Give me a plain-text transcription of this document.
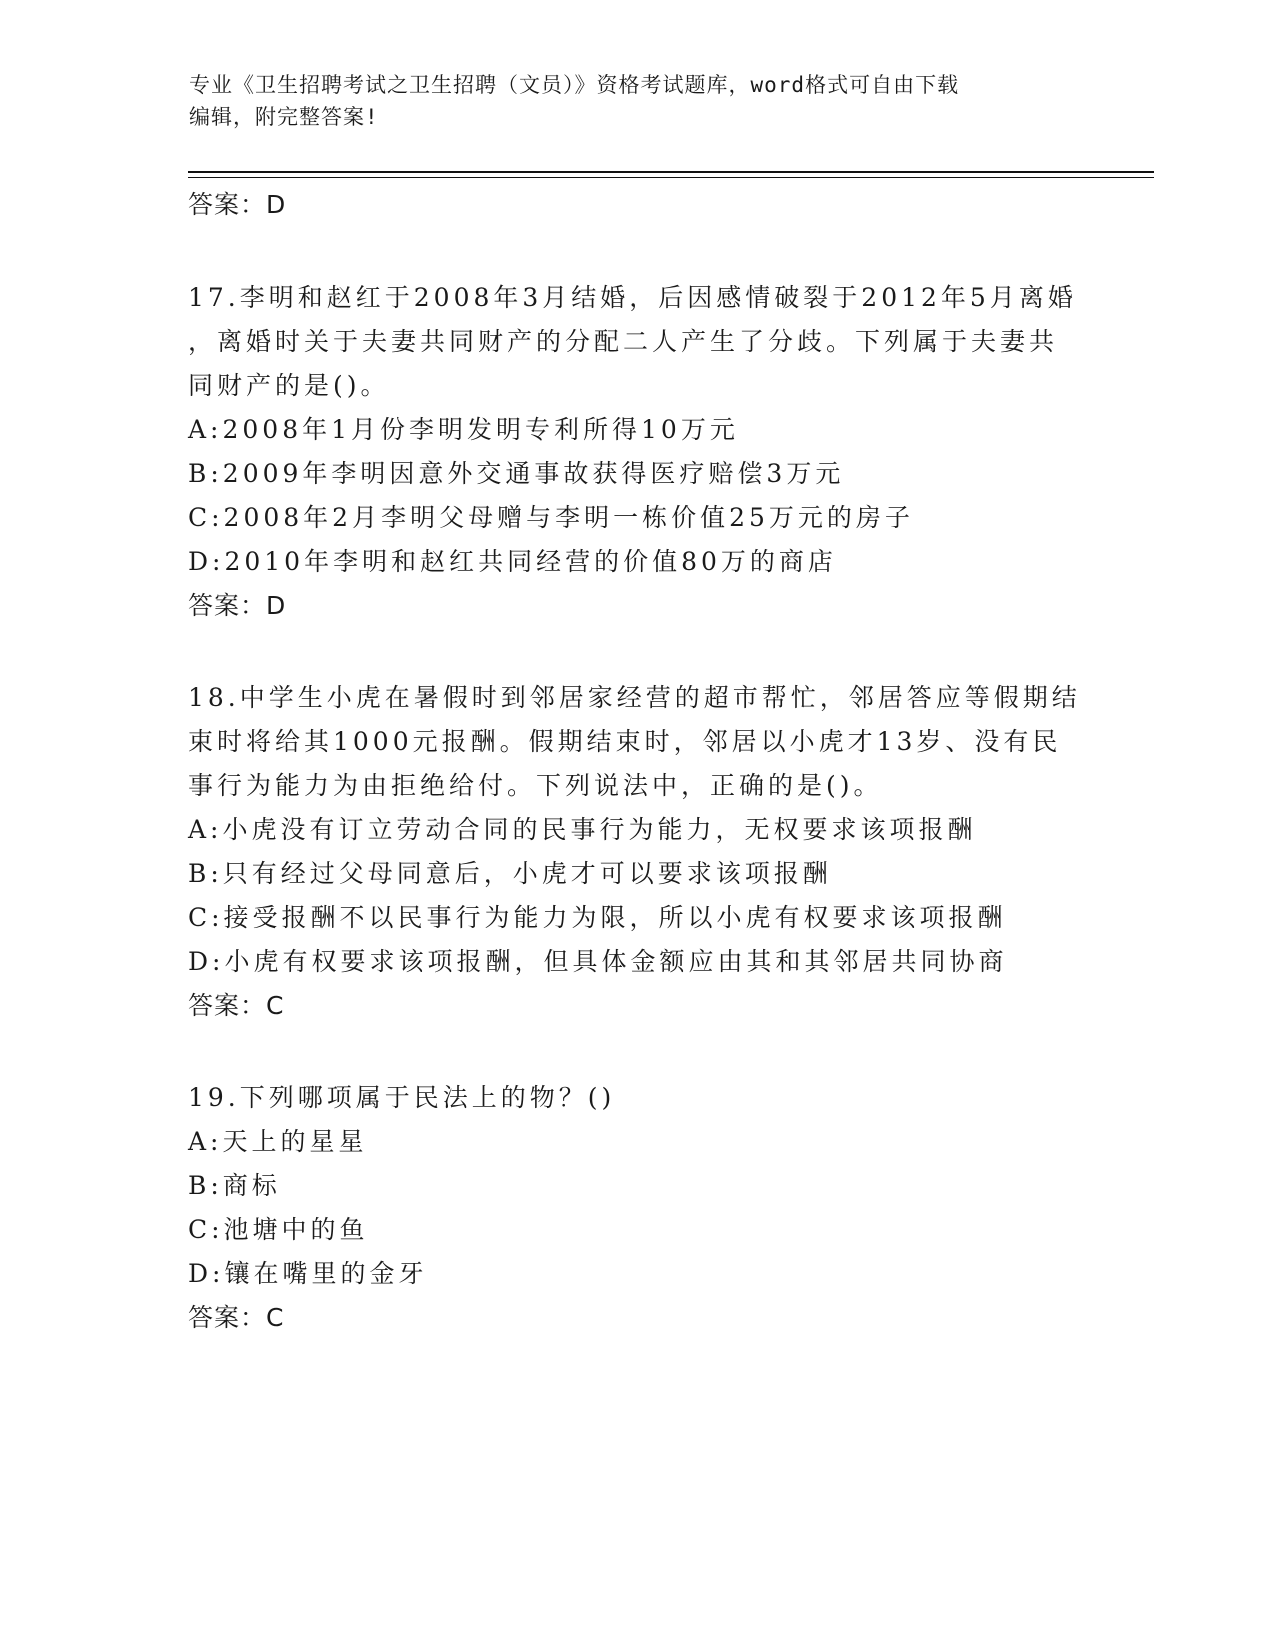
专业《卫生招聘考试之卫生招聘（文员）》资格考试题库，word格式可自由下载
编辑，附完整答案!
答案：D
17.李明和赵红于2008年3月结婚，后因感情破裂于2012年5月离婚
，离婚时关于夫妻共同财产的分配二人产生了分歧。下列属于夫妻共
同财产的是()。
A:2008年1月份李明发明专利所得10万元
B:2009年李明因意外交通事故获得医疗赔偿3万元
C:2008年2月李明父母赠与李明一栋价值25万元的房子
D:2010年李明和赵红共同经营的价值80万的商店
答案：D
18.中学生小虎在暑假时到邻居家经营的超市帮忙，邻居答应等假期结
束时将给其1000元报酬。假期结束时，邻居以小虎才13岁、没有民
事行为能力为由拒绝给付。下列说法中，正确的是()。
A:小虎没有订立劳动合同的民事行为能力，无权要求该项报酬
B:只有经过父母同意后，小虎才可以要求该项报酬
C:接受报酬不以民事行为能力为限，所以小虎有权要求该项报酬
D:小虎有权要求该项报酬，但具体金额应由其和其邻居共同协商
答案：C
19.下列哪项属于民法上的物？()
A:天上的星星
B:商标
C:池塘中的鱼
D:镶在嘴里的金牙
答案：C
